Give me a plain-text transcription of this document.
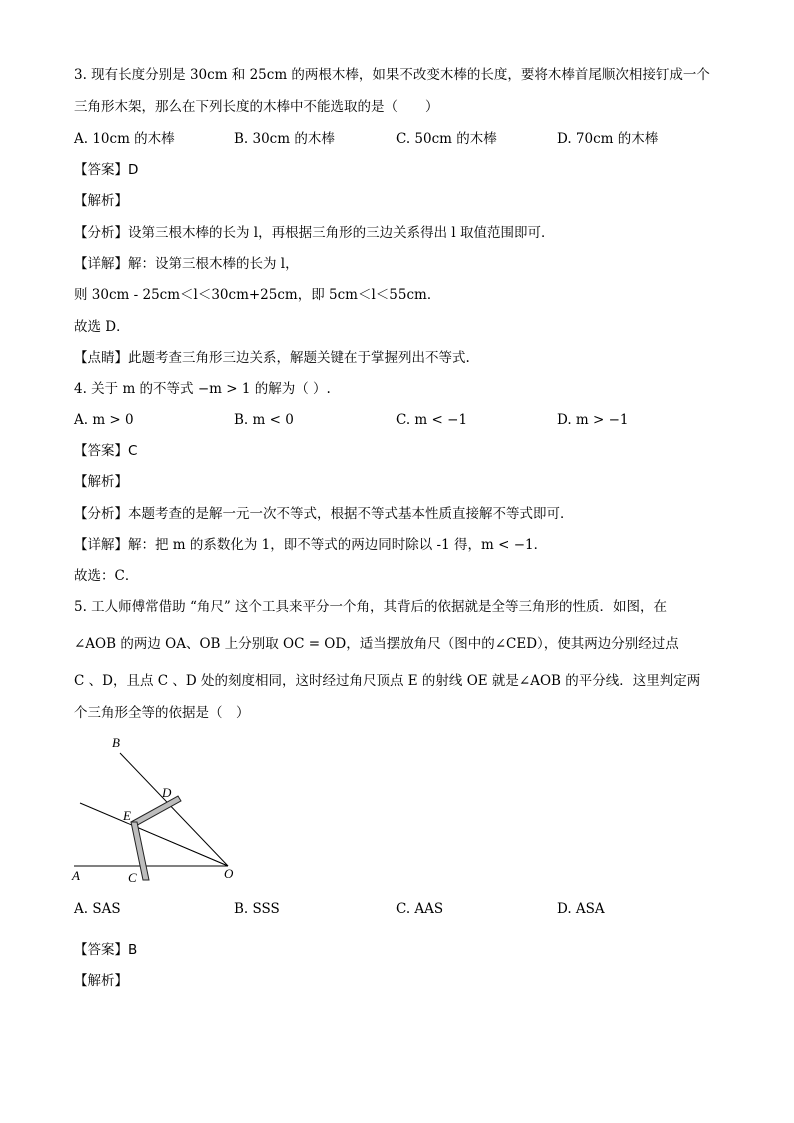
3. 现有长度分别是 30cm 和 25cm 的两根木棒，如果不改变木棒的长度，要将木棒首尾顺次相接钉成一个
三角形木架，那么在下列长度的木棒中不能选取的是（　　）
A. 10cm 的木棒	B. 30cm 的木棒	C. 50cm 的木棒	D. 70cm 的木棒
【答案】D
【解析】
【分析】设第三根木棒的长为 l，再根据三角形的三边关系得出 l 取值范围即可．
【详解】解：设第三根木棒的长为 l，
则 30cm - 25cm＜l＜30cm+25cm，即 5cm＜l＜55cm．
故选 D．
【点睛】此题考查三角形三边关系，解题关键在于掌握列出不等式.
4. 关于 m 的不等式 −m > 1 的解为（ ）.
A. m > 0	B. m < 0	C. m < −1	D. m > −1
【答案】C
【解析】
【分析】本题考查的是解一元一次不等式，根据不等式基本性质直接解不等式即可．
【详解】解：把 m 的系数化为 1，即不等式的两边同时除以 -1 得，m < −1．
故选：C．
5. 工人师傅常借助 “角尺” 这个工具来平分一个角，其背后的依据就是全等三角形的性质．如图，在
∠AOB 的两边 OA、OB 上分别取 OC = OD，适当摆放角尺（图中的∠CED），使其两边分别经过点
C 、D，且点 C 、D 处的刻度相同，这时经过角尺顶点 E 的射线 OE 就是∠AOB 的平分线．这里判定两
个三角形全等的依据是（　）
B
D
E
A	C	O
A. SAS	B. SSS	C. AAS	D. ASA
【答案】B
【解析】
